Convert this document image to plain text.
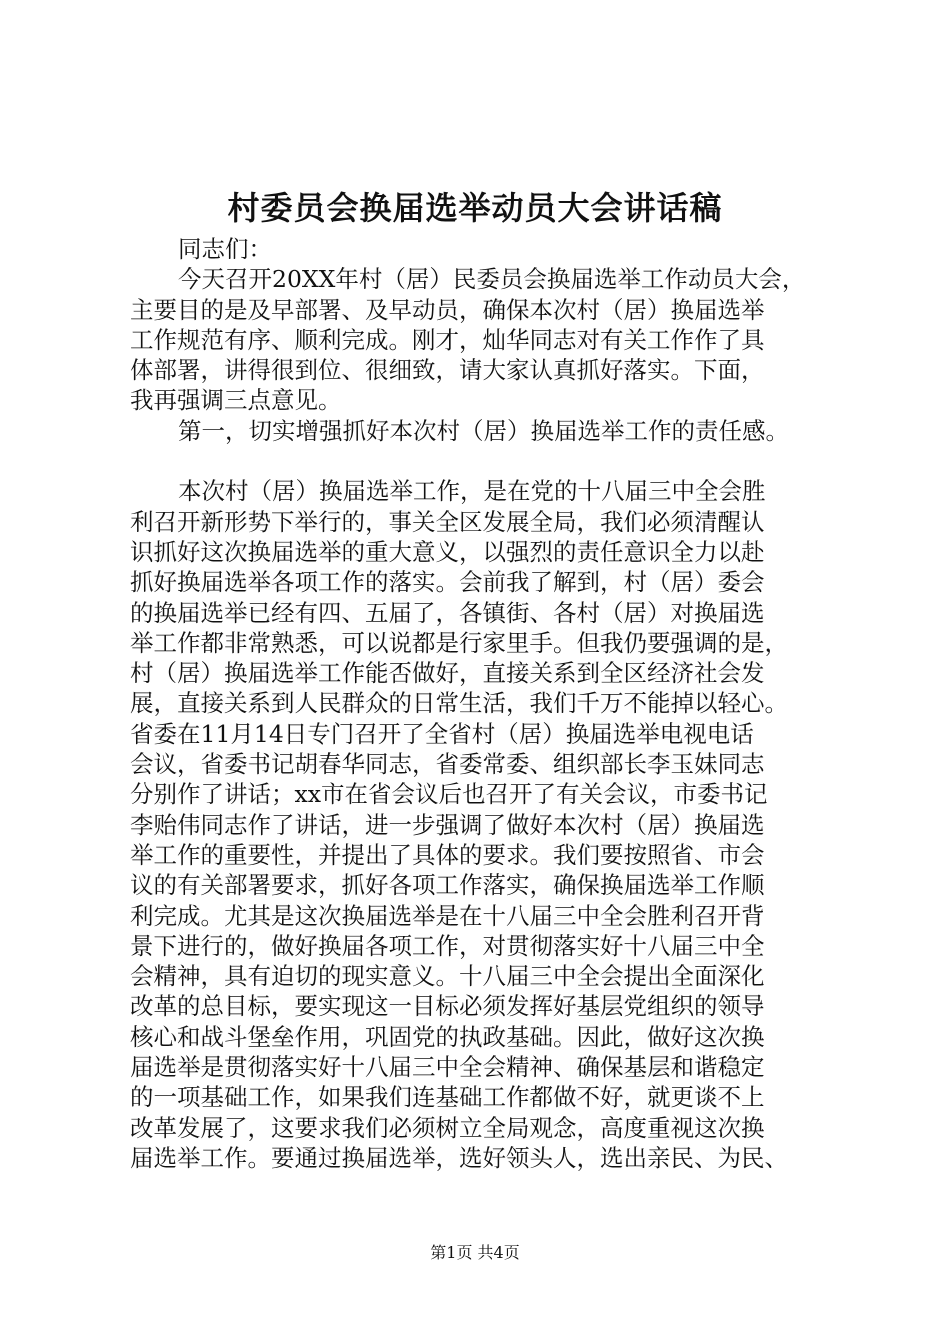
村委员会换届选举动员大会讲话稿
同志们：
今天召开20XX年村（居）民委员会换届选举工作动员大会，
主要目的是及早部署、及早动员，确保本次村（居）换届选举
工作规范有序、顺利完成。刚才，灿华同志对有关工作作了具
体部署，讲得很到位、很细致，请大家认真抓好落实。下面，
我再强调三点意见。
第一，切实增强抓好本次村（居）换届选举工作的责任感。
本次村（居）换届选举工作，是在党的十八届三中全会胜
利召开新形势下举行的，事关全区发展全局，我们必须清醒认
识抓好这次换届选举的重大意义，以强烈的责任意识全力以赴
抓好换届选举各项工作的落实。会前我了解到，村（居）委会
的换届选举已经有四、五届了，各镇街、各村（居）对换届选
举工作都非常熟悉，可以说都是行家里手。但我仍要强调的是，
村（居）换届选举工作能否做好，直接关系到全区经济社会发
展，直接关系到人民群众的日常生活，我们千万不能掉以轻心。
省委在11月14日专门召开了全省村（居）换届选举电视电话
会议，省委书记胡春华同志，省委常委、组织部长李玉妹同志
分别作了讲话；xx市在省会议后也召开了有关会议，市委书记
李贻伟同志作了讲话，进一步强调了做好本次村（居）换届选
举工作的重要性，并提出了具体的要求。我们要按照省、市会
议的有关部署要求，抓好各项工作落实，确保换届选举工作顺
利完成。尤其是这次换届选举是在十八届三中全会胜利召开背
景下进行的，做好换届各项工作，对贯彻落实好十八届三中全
会精神，具有迫切的现实意义。十八届三中全会提出全面深化
改革的总目标，要实现这一目标必须发挥好基层党组织的领导
核心和战斗堡垒作用，巩固党的执政基础。因此，做好这次换
届选举是贯彻落实好十八届三中全会精神、确保基层和谐稳定
的一项基础工作，如果我们连基础工作都做不好，就更谈不上
改革发展了，这要求我们必须树立全局观念，高度重视这次换
届选举工作。要通过换届选举，选好领头人，选出亲民、为民、
第1页 共4页
